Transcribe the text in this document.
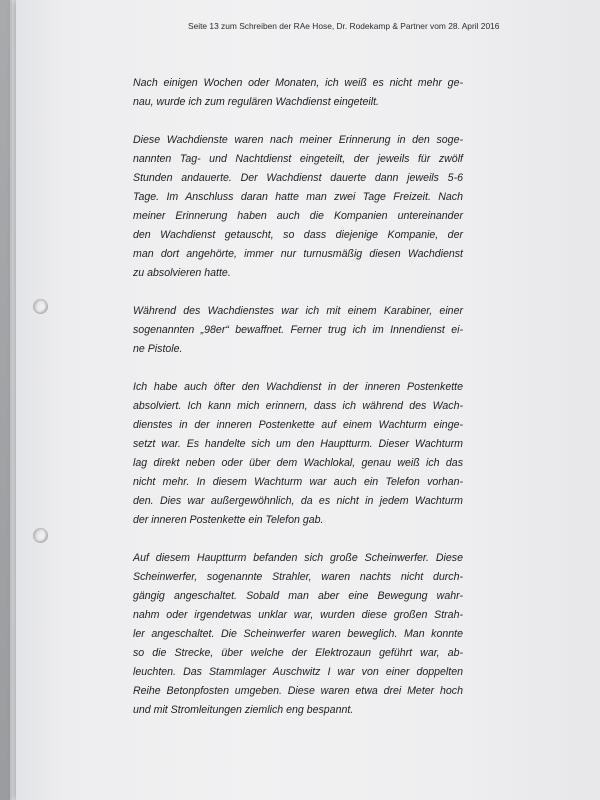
Seite 13 zum Schreiben der RAe Hose, Dr. Rodekamp & Partner vom 28. April 2016
Nach einigen Wochen oder Monaten, ich weiß es nicht mehr ge-
nau, wurde ich zum regulären Wachdienst eingeteilt.
Diese Wachdienste waren nach meiner Erinnerung in den soge-
nannten Tag- und Nachtdienst eingeteilt, der jeweils für zwölf
Stunden andauerte. Der Wachdienst dauerte dann jeweils 5-6
Tage. Im Anschluss daran hatte man zwei Tage Freizeit. Nach
meiner Erinnerung haben auch die Kompanien untereinander
den Wachdienst getauscht, so dass diejenige Kompanie, der
man dort angehörte, immer nur turnusmäßig diesen Wachdienst
zu absolvieren hatte.
Während des Wachdienstes war ich mit einem Karabiner, einer
sogenannten „98er“ bewaffnet. Ferner trug ich im Innendienst ei-
ne Pistole.
Ich habe auch öfter den Wachdienst in der inneren Postenkette
absolviert. Ich kann mich erinnern, dass ich während des Wach-
dienstes in der inneren Postenkette auf einem Wachturm einge-
setzt war. Es handelte sich um den Hauptturm. Dieser Wachturm
lag direkt neben oder über dem Wachlokal, genau weiß ich das
nicht mehr. In diesem Wachturm war auch ein Telefon vorhan-
den. Dies war außergewöhnlich, da es nicht in jedem Wachturm
der inneren Postenkette ein Telefon gab.
Auf diesem Hauptturm befanden sich große Scheinwerfer. Diese
Scheinwerfer, sogenannte Strahler, waren nachts nicht durch-
gängig angeschaltet. Sobald man aber eine Bewegung wahr-
nahm oder irgendetwas unklar war, wurden diese großen Strah-
ler angeschaltet. Die Scheinwerfer waren beweglich. Man konnte
so die Strecke, über welche der Elektrozaun geführt war, ab-
leuchten. Das Stammlager Auschwitz I war von einer doppelten
Reihe Betonpfosten umgeben. Diese waren etwa drei Meter hoch
und mit Stromleitungen ziemlich eng bespannt.
